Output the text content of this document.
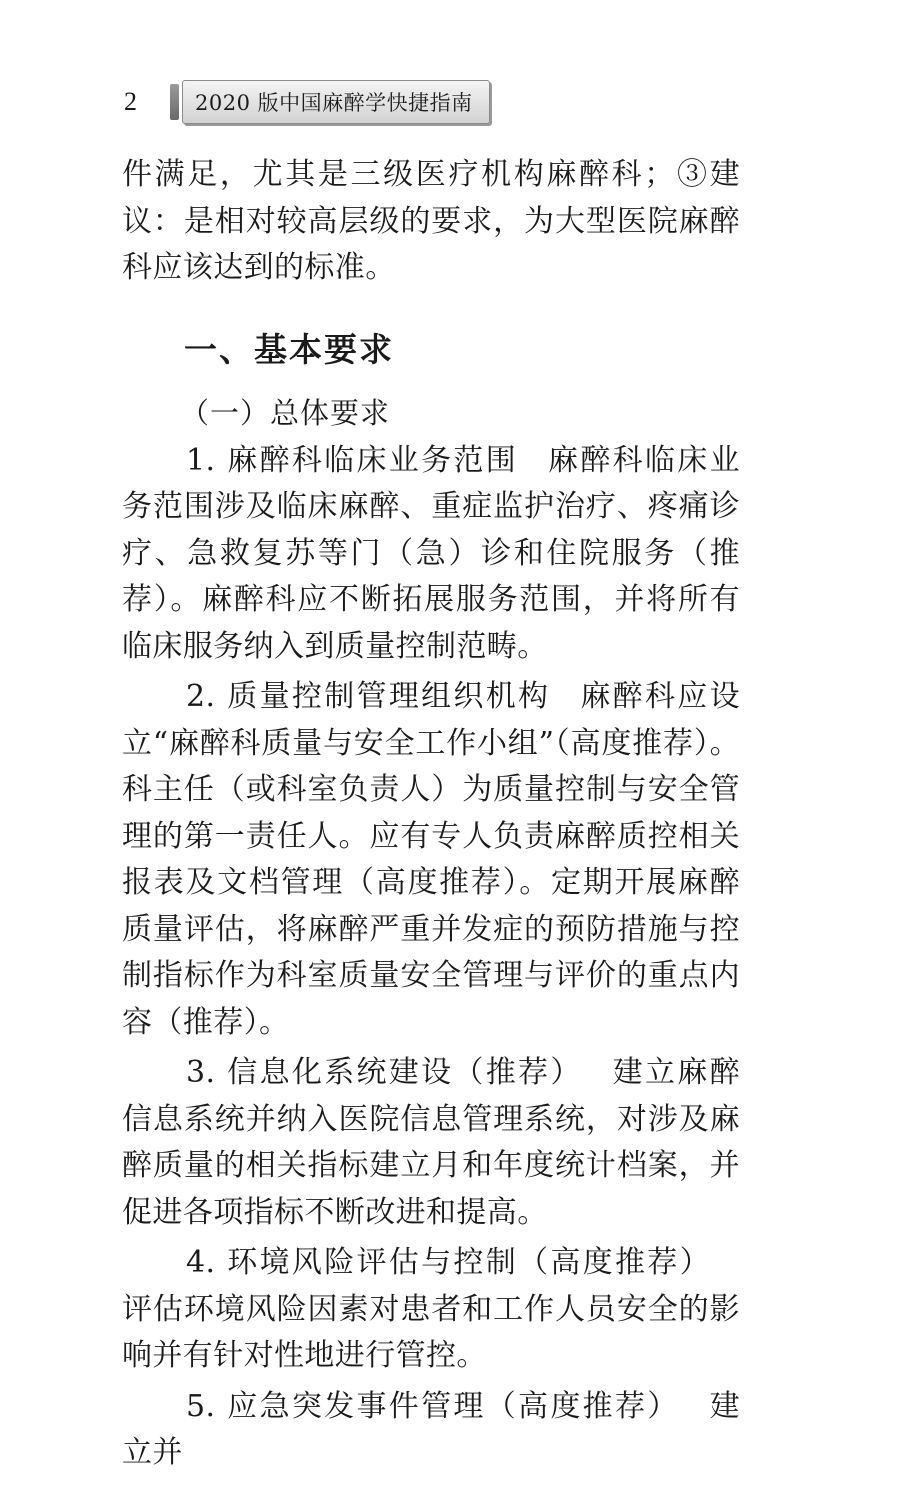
2	2020 版中国麻醉学快捷指南

件满足，尤其是三级医疗机构麻醉科；③建议：是相对较高层级的要求，为大型医院麻醉科应该达到的标准。

一、基本要求
（一）总体要求

1. 麻醉科临床业务范围 麻醉科临床业务范围涉及临床麻醉、重症监护治疗、疼痛诊疗、急救复苏等门（急）诊和住院服务（推荐）。麻醉科应不断拓展服务范围，并将所有临床服务纳入到质量控制范畴。

2. 质量控制管理组织机构 麻醉科应设立“麻醉科质量与安全工作小组”（高度推荐）。科主任（或科室负责人）为质量控制与安全管理的第一责任人。应有专人负责麻醉质控相关报表及文档管理（高度推荐）。定期开展麻醉质量评估，将麻醉严重并发症的预防措施与控制指标作为科室质量安全管理与评价的重点内容（推荐）。

3. 信息化系统建设（推荐） 建立麻醉信息系统并纳入医院信息管理系统，对涉及麻醉质量的相关指标建立月和年度统计档案，并促进各项指标不断改进和提高。

4. 环境风险评估与控制（高度推荐）评估环境风险因素对患者和工作人员安全的影响并有针对性地进行管控。

5. 应急突发事件管理（高度推荐） 建立并
